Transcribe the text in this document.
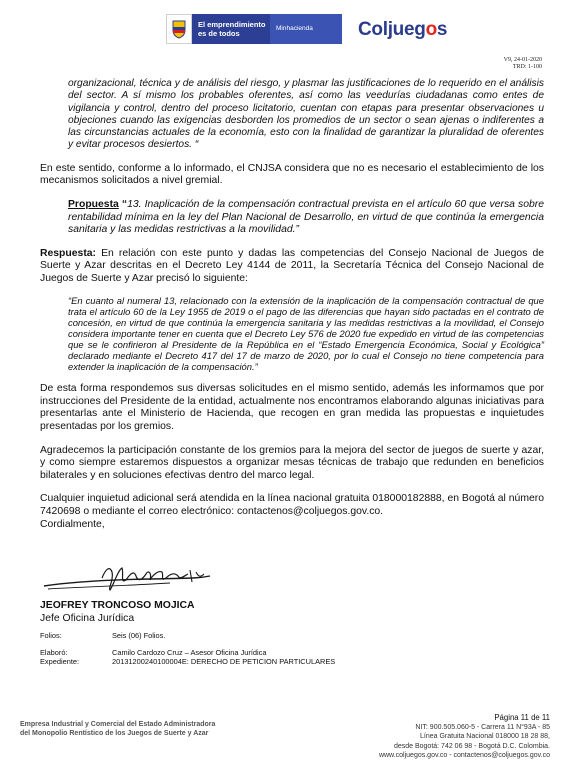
El emprendimiento
es de todos
Minhacienda	Coljuegos
V9, 24-01-2020
TRD: 1-100
organizacional, técnica y de análisis del riesgo, y plasmar las justificaciones de lo requerido en el análisis del sector. A sí mismo los probables oferentes, así como las veedurías ciudadanas como entes de vigilancia y control, dentro del proceso licitatorio, cuentan con etapas para presentar observaciones u objeciones cuando las exigencias desborden los promedios de un sector o sean ajenas o indiferentes a las circunstancias actuales de la economía, esto con la finalidad de garantizar la pluralidad de oferentes y evitar procesos desiertos. “

En este sentido, conforme a lo informado, el CNJSA considera que no es necesario el establecimiento de los mecanismos solicitados a nivel gremial.

Propuesta “13. Inaplicación de la compensación contractual prevista en el artículo 60 que versa sobre rentabilidad mínima en la ley del Plan Nacional de Desarrollo, en virtud de que continúa la emergencia sanitaria y las medidas restrictivas a la movilidad.”

Respuesta: En relación con este punto y dadas las competencias del Consejo Nacional de Juegos de Suerte y Azar descritas en el Decreto Ley 4144 de 2011, la Secretaría Técnica del Consejo Nacional de Juegos de Suerte y Azar precisó lo siguiente:

“En cuanto al numeral 13, relacionado con la extensión de la inaplicación de la compensación contractual de que trata el artículo 60 de la Ley 1955 de 2019 o el pago de las diferencias que hayan sido pactadas en el contrato de concesión, en virtud de que continúa la emergencia sanitaria y las medidas restrictivas a la movilidad, el Consejo considera importante tener en cuenta que el Decreto Ley 576 de 2020 fue expedido en virtud de las competencias que se le confirieron al Presidente de la República en el “Estado Emergencia Económica, Social y Ecológica” declarado mediante el Decreto 417 del 17 de marzo de 2020, por lo cual el Consejo no tiene competencia para extender la inaplicación de la compensación.”

De esta forma respondemos sus diversas solicitudes en el mismo sentido, además les informamos que por instrucciones del Presidente de la entidad, actualmente nos encontramos elaborando algunas iniciativas para presentarlas ante el Ministerio de Hacienda, que recogen en gran medida las propuestas e inquietudes presentadas por los gremios.

Agradecemos la participación constante de los gremios para la mejora del sector de juegos de suerte y azar, y como siempre estaremos dispuestos a organizar mesas técnicas de trabajo que redunden en beneficios bilaterales y en soluciones efectivas dentro del marco legal.

Cualquier inquietud adicional será atendida en la línea nacional gratuita 018000182888, en Bogotá al número 7420698 o mediante el correo electrónico: contactenos@coljuegos.gov.co.

Cordialmente,

JEOFREY TRONCOSO MOJICA
Jefe Oficina Jurídica
Folios:	Seis (06) Folios.
Elaboró:	Camilo Cardozo Cruz – Asesor Oficina Jurídica
Expediente:	20131200240100004E: DERECHO DE PETICION PARTICULARES
Página 11 de 11
Empresa Industrial y Comercial del Estado Administradora
del Monopolio Rentístico de los Juegos de Suerte y Azar
NIT: 900.505.060-5 - Carrera 11 N°93A - 85
Línea Gratuita Nacional 018000 18 28 88,
desde Bogotá: 742 06 98 - Bogotá D.C. Colombia.
www.coljuegos.gov.co - contactenos@coljuegos.gov.co
